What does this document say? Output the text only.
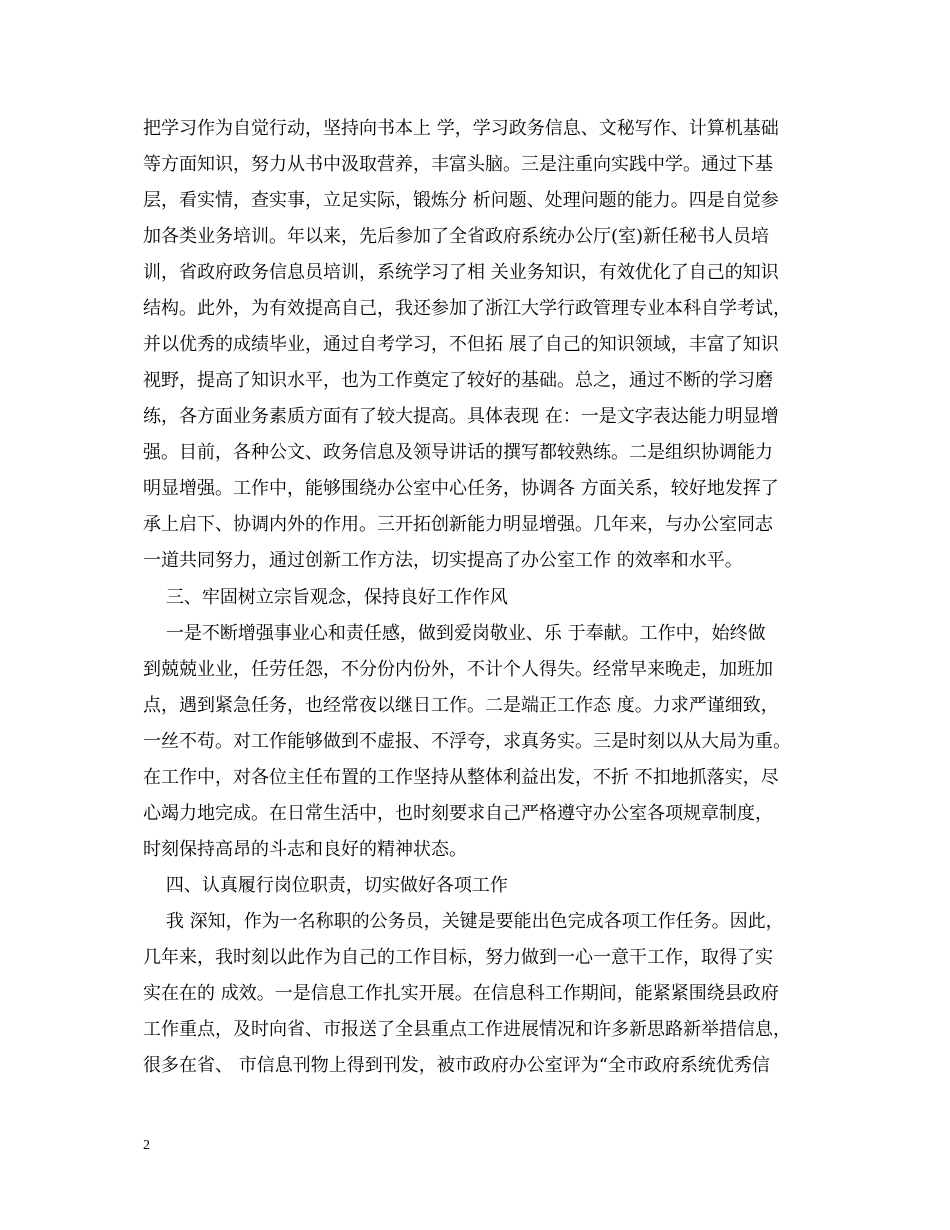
把学习作为自觉行动，坚持向书本上 学，学习政务信息、文秘写作、计算机基础
等方面知识，努力从书中汲取营养，丰富头脑。三是注重向实践中学。通过下基
层，看实情，查实事，立足实际，锻炼分 析问题、处理问题的能力。四是自觉参
加各类业务培训。年以来，先后参加了全省政府系统办公厅(室)新任秘书人员培
训，省政府政务信息员培训，系统学习了相 关业务知识，有效优化了自己的知识
结构。此外，为有效提高自己，我还参加了浙江大学行政管理专业本科自学考试，
并以优秀的成绩毕业，通过自考学习，不但拓 展了自己的知识领域，丰富了知识
视野，提高了知识水平，也为工作奠定了较好的基础。总之，通过不断的学习磨
练，各方面业务素质方面有了较大提高。具体表现 在：一是文字表达能力明显增
强。目前，各种公文、政务信息及领导讲话的撰写都较熟练。二是组织协调能力
明显增强。工作中，能够围绕办公室中心任务，协调各 方面关系，较好地发挥了
承上启下、协调内外的作用。三开拓创新能力明显增强。几年来，与办公室同志
一道共同努力，通过创新工作方法，切实提高了办公室工作 的效率和水平。
三、牢固树立宗旨观念，保持良好工作作风
一是不断增强事业心和责任感，做到爱岗敬业、乐 于奉献。工作中，始终做
到兢兢业业，任劳任怨，不分份内份外，不计个人得失。经常早来晚走，加班加
点，遇到紧急任务，也经常夜以继日工作。二是端正工作态 度。力求严谨细致，
一丝不苟。对工作能够做到不虚报、不浮夸，求真务实。三是时刻以从大局为重。
在工作中，对各位主任布置的工作坚持从整体利益出发，不折 不扣地抓落实，尽
心竭力地完成。在日常生活中，也时刻要求自己严格遵守办公室各项规章制度，
时刻保持高昂的斗志和良好的精神状态。
四、认真履行岗位职责，切实做好各项工作
我 深知，作为一名称职的公务员，关键是要能出色完成各项工作任务。因此，
几年来，我时刻以此作为自己的工作目标，努力做到一心一意干工作，取得了实
实在在的 成效。一是信息工作扎实开展。在信息科工作期间，能紧紧围绕县政府
工作重点，及时向省、市报送了全县重点工作进展情况和许多新思路新举措信息，
很多在省、 市信息刊物上得到刊发，被市政府办公室评为“全市政府系统优秀信
2
